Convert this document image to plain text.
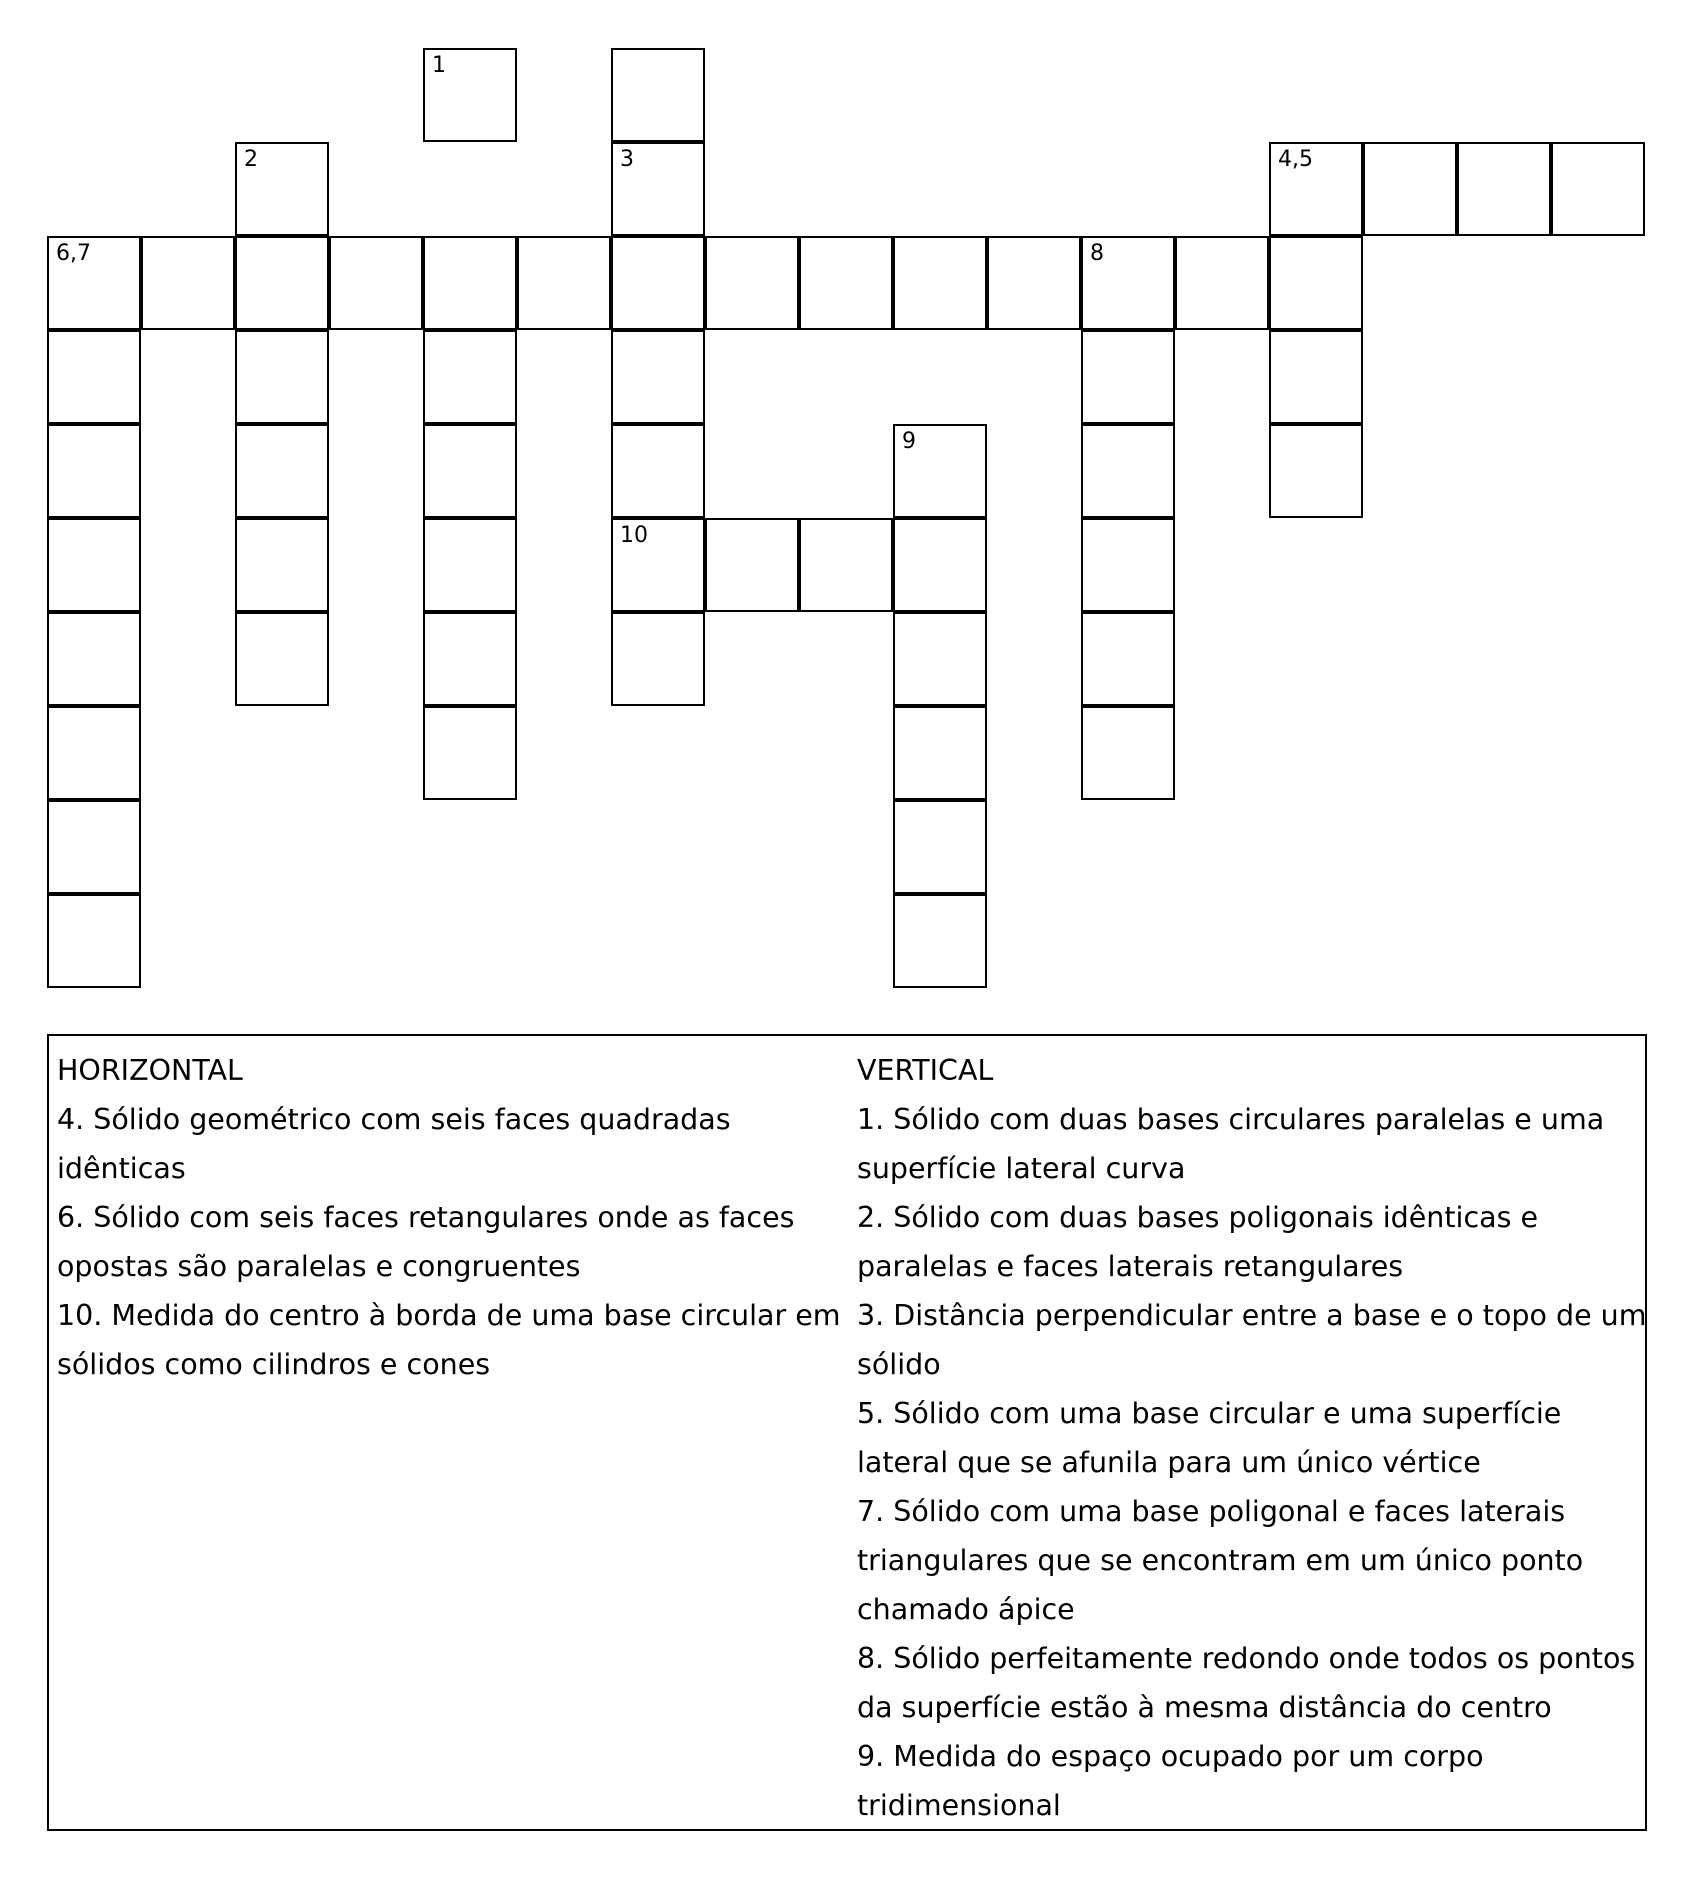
1
2	3	4,5
6,7	8
9
10
HORIZONTAL
4. Sólido geométrico com seis faces quadradas idênticas
6. Sólido com seis faces retangulares onde as faces opostas são paralelas e congruentes
10. Medida do centro à borda de uma base circular em sólidos como cilindros e cones
VERTICAL
1. Sólido com duas bases circulares paralelas e uma superfície lateral curva
2. Sólido com duas bases poligonais idênticas e paralelas e faces laterais retangulares
3. Distância perpendicular entre a base e o topo de um sólido
5. Sólido com uma base circular e uma superfície lateral que se afunila para um único vértice
7. Sólido com uma base poligonal e faces laterais triangulares que se encontram em um único ponto chamado ápice
8. Sólido perfeitamente redondo onde todos os pontos da superfície estão à mesma distância do centro
9. Medida do espaço ocupado por um corpo tridimensional
